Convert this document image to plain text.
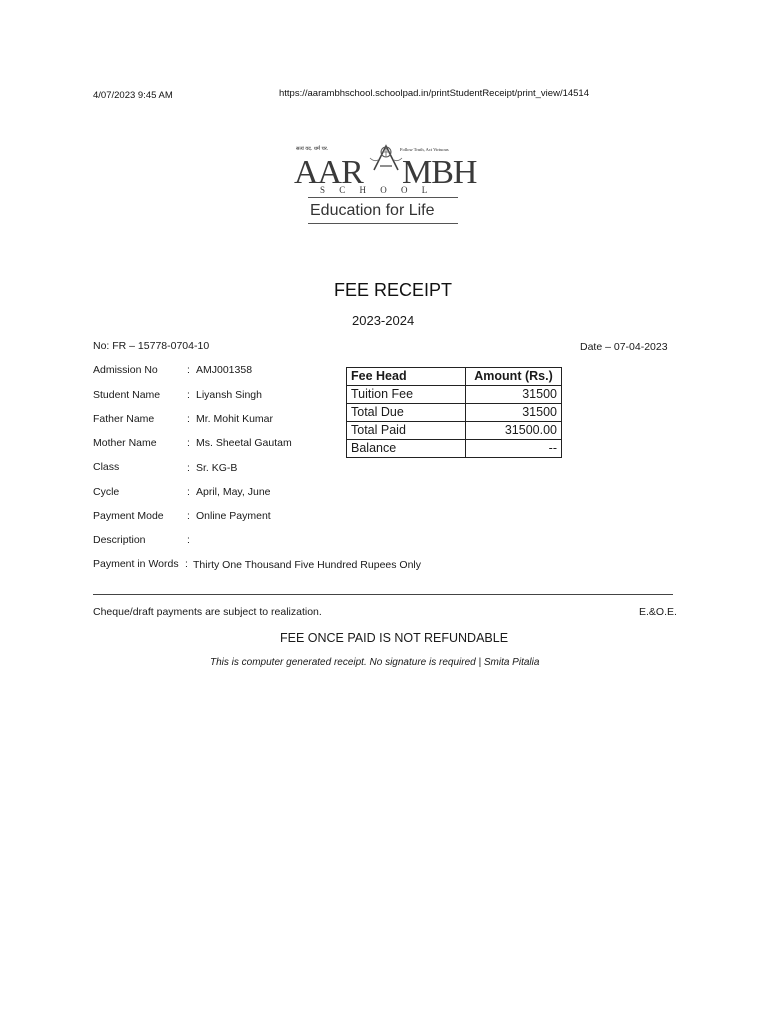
4/07/2023 9:45 AM	https://aarambhschool.schoolpad.in/printStudentReceipt/print_view/14514
सत्यं वद. धर्मं चर.	Follow Truth, Act Virtuous
AAR MBH
S C H O O L
Education for Life
FEE RECEIPT
2023-2024
No: FR – 15778-0704-10	Date – 07-04-2023
Admission No	: AMJ001358
Student Name	: Liyansh Singh
Father Name	: Mr. Mohit Kumar
Mother Name	: Ms. Sheetal Gautam
Class	: Sr. KG-B
Cycle	: April, May, June
Payment Mode : Online Payment
Description	:
Payment in Words : Thirty One Thousand Five Hundred Rupees Only
Fee Head	Amount (Rs.)
Tuition Fee	31500
Total Due	31500
Total Paid	31500.00
Balance	--
Cheque/draft payments are subject to realization.	E.&O.E.
FEE ONCE PAID IS NOT REFUNDABLE
This is computer generated receipt. No signature is required | Smita Pitalia
